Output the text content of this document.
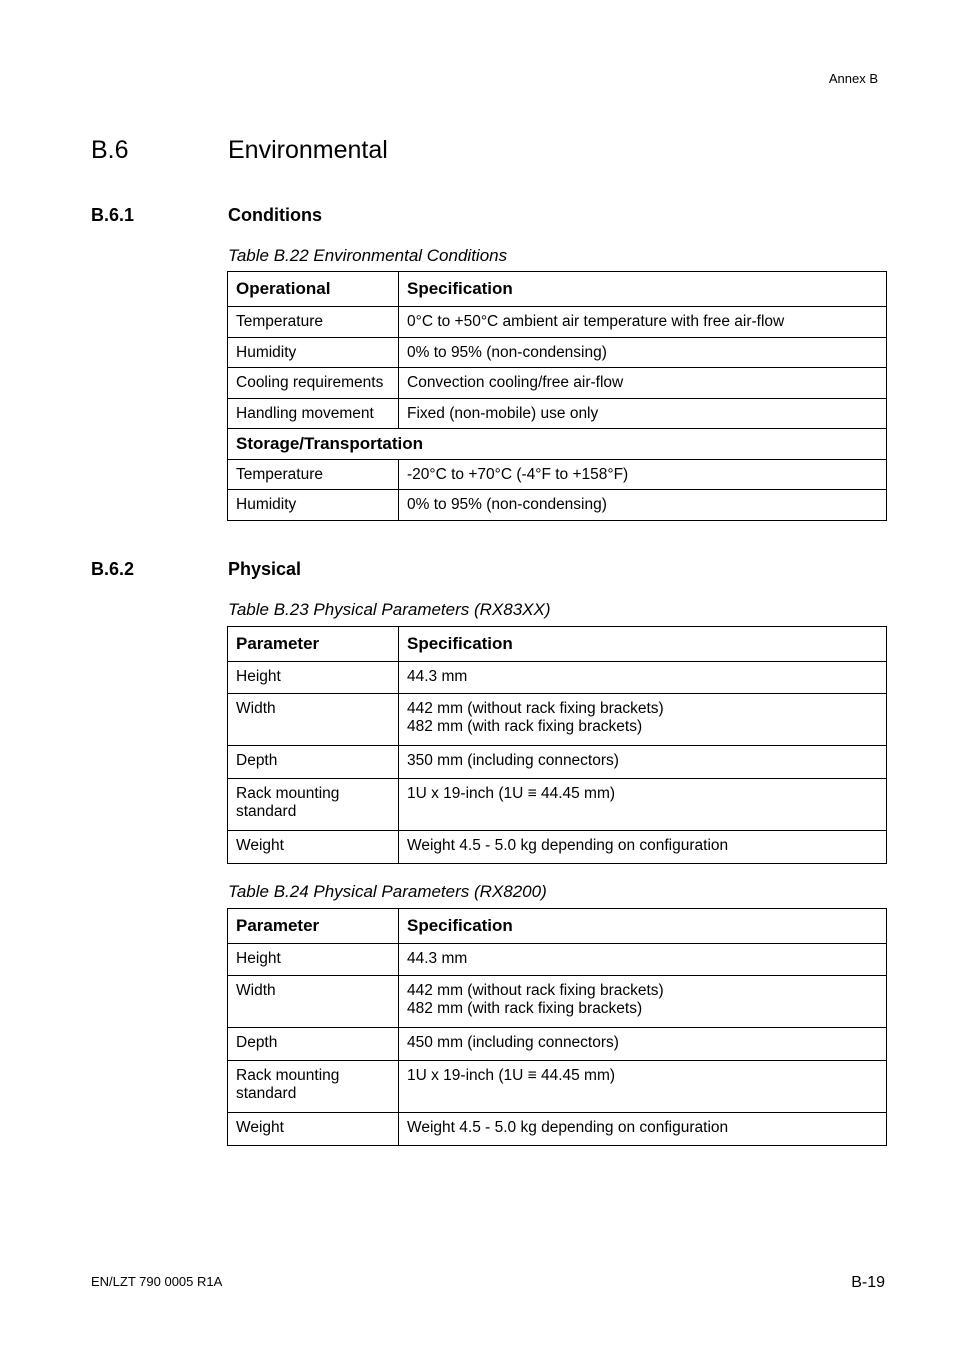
Annex B
B.6	Environmental
B.6.1	Conditions
Table B.22 Environmental Conditions
Operational	Specification
Temperature	0°C to +50°C ambient air temperature with free air-flow
Humidity	0% to 95% (non-condensing)
Cooling requirements	Convection cooling/free air-flow
Handling movement	Fixed (non-mobile) use only
Storage/Transportation	
Temperature	-20°C to +70°C (-4°F to +158°F)
Humidity	0% to 95% (non-condensing)
B.6.2	Physical
Table B.23 Physical Parameters (RX83XX)
Parameter	Specification

Height	44.3 mm

Width	442 mm (without rack fixing brackets)
482 mm (with rack fixing brackets)

Depth	350 mm (including connectors)

Rack mounting
standard	1U x 19-inch (1U ≡ 44.45 mm)

Weight	Weight 4.5 - 5.0 kg depending on configuration
Table B.24 Physical Parameters (RX8200)
Parameter	Specification

Height	44.3 mm

Width	442 mm (without rack fixing brackets)
482 mm (with rack fixing brackets)

Depth	450 mm (including connectors)

Rack mounting
standard	1U x 19-inch (1U ≡ 44.45 mm)

Weight	Weight 4.5 - 5.0 kg depending on configuration
EN/LZT 790 0005 R1A	B-19
